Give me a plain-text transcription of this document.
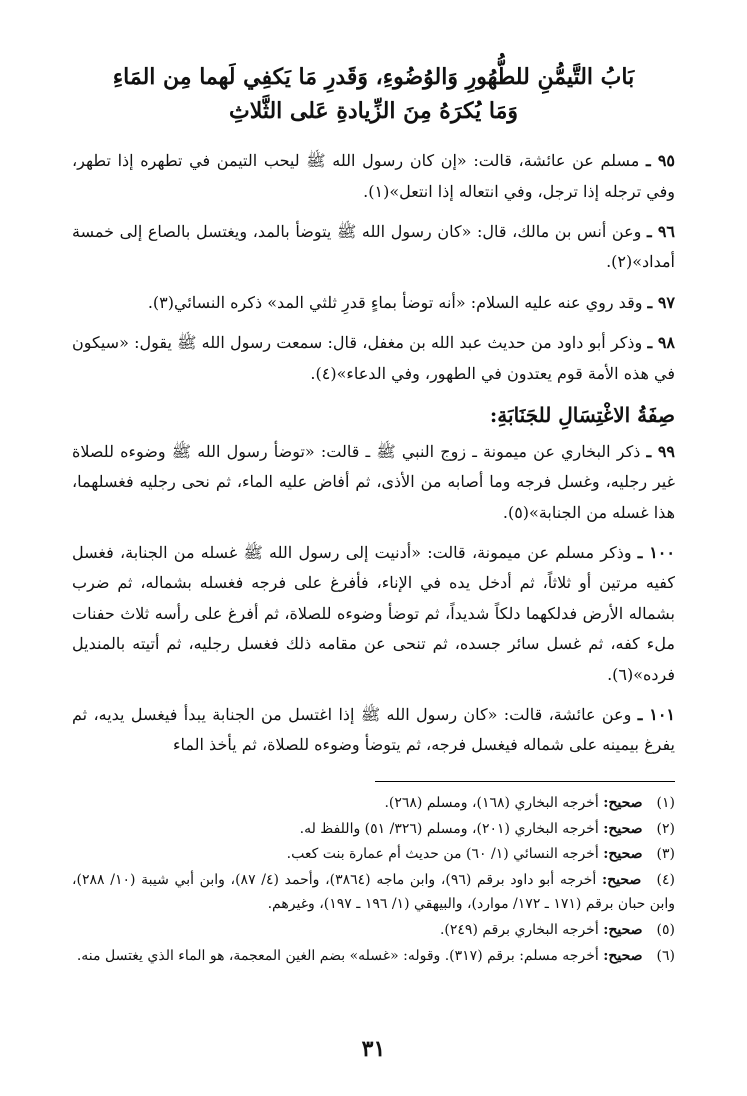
بَابُ التَّيمُّنِ للطُّهُورِ وَالوُضُوءِ، وَقَدرِ مَا يَكفِي لَهما مِن المَاءِ
وَمَا يُكرَهُ مِنَ الزِّيادةِ عَلى الثَّلاثِ

٩٥ ـ مسلم عن عائشة، قالت: «إن كان رسول الله ﷺ ليحب التيمن في تطهره إذا تطهر، وفي ترجله إذا ترجل، وفي انتعاله إذا انتعل»(١).

٩٦ ـ وعن أنس بن مالك، قال: «كان رسول الله ﷺ يتوضأ بالمد، ويغتسل بالصاع إلى خمسة أمداد»(٢).

٩٧ ـ وقد روي عنه عليه السلام: «أنه توضأ بماءٍ قدرِ ثلثي المد» ذكره النسائي(٣).

٩٨ ـ وذكر أبو داود من حديث عبد الله بن مغفل، قال: سمعت رسول الله ﷺ يقول: «سيكون في هذه الأمة قوم يعتدون في الطهور، وفي الدعاء»(٤).

صِفَةُ الاغْتِسَالِ للجَنَابَةِ:

٩٩ ـ ذكر البخاري عن ميمونة ـ زوج النبي ﷺ ـ قالت: «توضأ رسول الله ﷺ وضوءه للصلاة غير رجليه، وغسل فرجه وما أصابه من الأذى، ثم أفاض عليه الماء، ثم نحى رجليه فغسلهما، هذا غسله من الجنابة»(٥).

١٠٠ ـ وذكر مسلم عن ميمونة، قالت: «أدنيت إلى رسول الله ﷺ غسله من الجنابة، فغسل كفيه مرتين أو ثلاثاً، ثم أدخل يده في الإناء، فأفرغ على فرجه فغسله بشماله، ثم ضرب بشماله الأرض فدلكهما دلكاً شديداً، ثم توضأ وضوءه للصلاة، ثم أفرغ على رأسه ثلاث حفنات ملء كفه، ثم غسل سائر جسده، ثم تنحى عن مقامه ذلك فغسل رجليه، ثم أتيته بالمنديل فرده»(٦).

١٠١ ـ وعن عائشة، قالت: «كان رسول الله ﷺ إذا اغتسل من الجنابة يبدأ فيغسل يديه، ثم يفرغ بيمينه على شماله فيغسل فرجه، ثم يتوضأ وضوءه للصلاة، ثم يأخذ الماء

(١) صحيح: أخرجه البخاري (١٦٨)، ومسلم (٢٦٨).
(٢) صحيح: أخرجه البخاري (٢٠١)، ومسلم (٣٢٦/ ٥١) واللفظ له.
(٣) صحيح: أخرجه النسائي (١/ ٦٠) من حديث أم عمارة بنت كعب.
(٤) صحيح: أخرجه أبو داود برقم (٩٦)، وابن ماجه (٣٨٦٤)، وأحمد (٤/ ٨٧)، وابن أبي شيبة (١٠/ ٢٨٨)، وابن حبان برقم (١٧١ ـ ١٧٢/ موارد)، والبيهقي (١/ ١٩٦ ـ ١٩٧)، وغيرهم.
(٥) صحيح: أخرجه البخاري برقم (٢٤٩).
(٦) صحيح: أخرجه مسلم: برقم (٣١٧). وقوله: «غسله» بضم الغين المعجمة، هو الماء الذي يغتسل منه.
٣١
